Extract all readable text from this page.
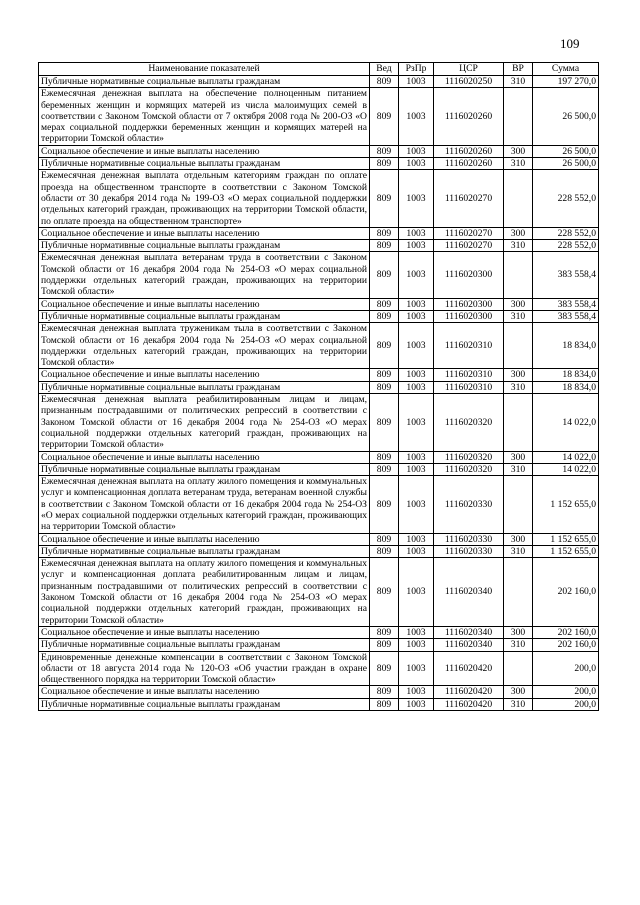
109
Наименование показателей	Вед	РзПр	ЦСР	ВР	Сумма
Публичные нормативные социальные выплаты гражданам	809	1003	1116020250	310	197 270,0
Ежемесячная денежная выплата на обеспечение полноценным питанием беременных женщин и кормящих матерей из числа малоимущих семей в соответствии с Законом Томской области от 7 октября 2008 года № 200-ОЗ «О мерах социальной поддержки беременных женщин и кормящих матерей на территории Томской области»	809	1003	1116020260		26 500,0
Социальное обеспечение и иные выплаты населению	809	1003	1116020260	300	26 500,0
Публичные нормативные социальные выплаты гражданам	809	1003	1116020260	310	26 500,0
Ежемесячная денежная выплата отдельным категориям граждан по оплате проезда на общественном транспорте в соответствии с Законом Томской области от 30 декабря 2014 года № 199-ОЗ «О мерах социальной поддержки отдельных категорий граждан, проживающих на территории Томской области, по оплате проезда на общественном транспорте»	809	1003	1116020270		228 552,0
Социальное обеспечение и иные выплаты населению	809	1003	1116020270	300	228 552,0
Публичные нормативные социальные выплаты гражданам	809	1003	1116020270	310	228 552,0
Ежемесячная денежная выплата ветеранам труда в соответствии с Законом Томской области от 16 декабря 2004 года № 254-ОЗ «О мерах социальной поддержки отдельных категорий граждан, проживающих на территории Томской области»	809	1003	1116020300		383 558,4
Социальное обеспечение и иные выплаты населению	809	1003	1116020300	300	383 558,4
Публичные нормативные социальные выплаты гражданам	809	1003	1116020300	310	383 558,4
Ежемесячная денежная выплата труженикам тыла в соответствии с Законом Томской области от 16 декабря 2004 года № 254-ОЗ «О мерах социальной поддержки отдельных категорий граждан, проживающих на территории Томской области»	809	1003	1116020310		18 834,0
Социальное обеспечение и иные выплаты населению	809	1003	1116020310	300	18 834,0
Публичные нормативные социальные выплаты гражданам	809	1003	1116020310	310	18 834,0
Ежемесячная денежная выплата реабилитированным лицам и лицам, признанным пострадавшими от политических репрессий в соответствии с Законом Томской области от 16 декабря 2004 года № 254-ОЗ «О мерах социальной поддержки отдельных категорий граждан, проживающих на территории Томской области»	809	1003	1116020320		14 022,0
Социальное обеспечение и иные выплаты населению	809	1003	1116020320	300	14 022,0
Публичные нормативные социальные выплаты гражданам	809	1003	1116020320	310	14 022,0
Ежемесячная денежная выплата на оплату жилого помещения и коммунальных услуг и компенсационная доплата ветеранам труда, ветеранам военной службы в соответствии с Законом Томской области от 16 декабря 2004 года № 254-ОЗ «О мерах социальной поддержки отдельных категорий граждан, проживающих на территории Томской области»	809	1003	1116020330		1 152 655,0
Социальное обеспечение и иные выплаты населению	809	1003	1116020330	300	1 152 655,0
Публичные нормативные социальные выплаты гражданам	809	1003	1116020330	310	1 152 655,0
Ежемесячная денежная выплата на оплату жилого помещения и коммунальных услуг и компенсационная доплата реабилитированным лицам и лицам, признанным пострадавшими от политических репрессий в соответствии с Законом Томской области от 16 декабря 2004 года № 254-ОЗ «О мерах социальной поддержки отдельных категорий граждан, проживающих на территории Томской области»	809	1003	1116020340		202 160,0
Социальное обеспечение и иные выплаты населению	809	1003	1116020340	300	202 160,0
Публичные нормативные социальные выплаты гражданам	809	1003	1116020340	310	202 160,0
Единовременные денежные компенсации в соответствии с Законом Томской области от 18 августа 2014 года № 120-ОЗ «Об участии граждан в охране общественного порядка на территории Томской области»	809	1003	1116020420		200,0
Социальное обеспечение и иные выплаты населению	809	1003	1116020420	300	200,0
Публичные нормативные социальные выплаты гражданам	809	1003	1116020420	310	200,0
